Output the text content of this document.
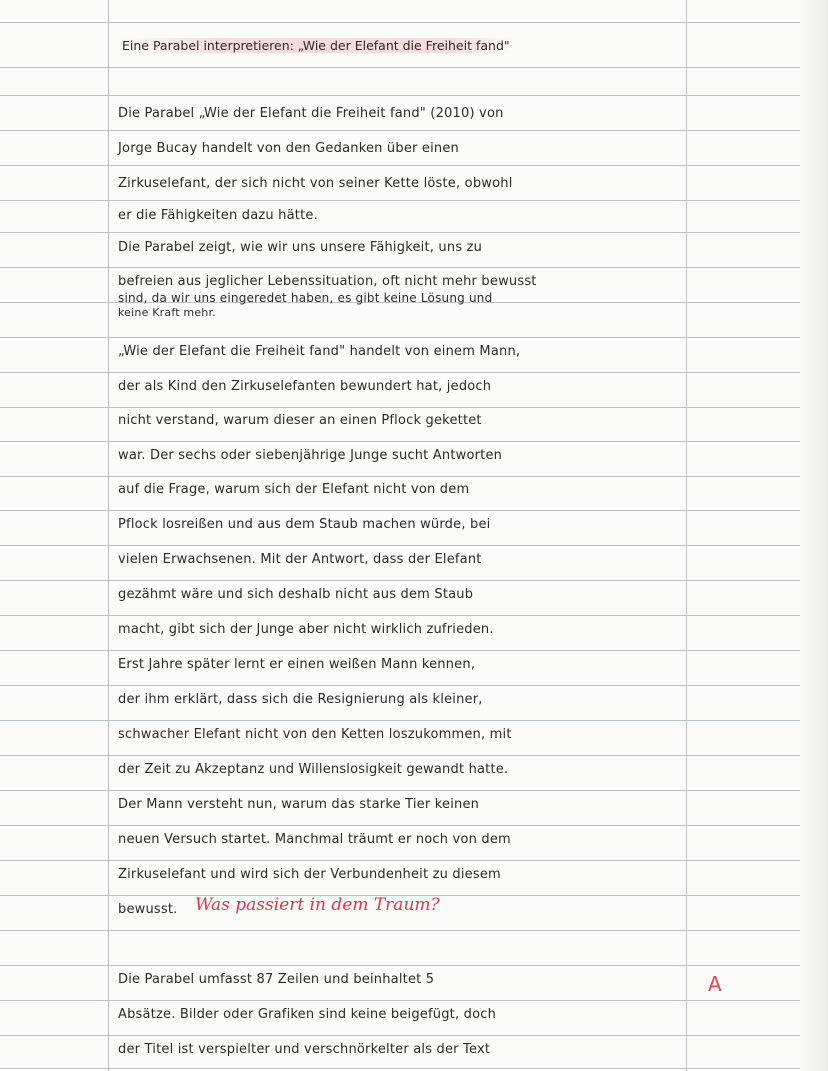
Eine Parabel interpretieren: „Wie der Elefant die Freiheit fand"
Die Parabel „Wie der Elefant die Freiheit fand" (2010) von
Jorge Bucay handelt von den Gedanken über einen
Zirkuselefant, der sich nicht von seiner Kette löste, obwohl
er die Fähigkeiten dazu hätte.
Die Parabel zeigt, wie wir uns unsere Fähigkeit, uns zu
befreien aus jeglicher Lebenssituation, oft nicht mehr bewusst
sind, da wir uns eingeredet haben, es gibt keine Lösung und
keine Kraft mehr.
„Wie der Elefant die Freiheit fand" handelt von einem Mann,
der als Kind den Zirkuselefanten bewundert hat, jedoch
nicht verstand, warum dieser an einen Pflock gekettet
war. Der sechs oder siebenjährige Junge sucht Antworten
auf die Frage, warum sich der Elefant nicht von dem
Pflock losreißen und aus dem Staub machen würde, bei
vielen Erwachsenen. Mit der Antwort, dass der Elefant
gezähmt wäre und sich deshalb nicht aus dem Staub
macht, gibt sich der Junge aber nicht wirklich zufrieden.
Erst Jahre später lernt er einen weißen Mann kennen,
der ihm erklärt, dass sich die Resignierung als kleiner,
schwacher Elefant nicht von den Ketten loszukommen, mit
der Zeit zu Akzeptanz und Willenslosigkeit gewandt hatte.
Der Mann versteht nun, warum das starke Tier keinen
neuen Versuch startet. Manchmal träumt er noch von dem
Zirkuselefant und wird sich der Verbundenheit zu diesem
bewusst. Was passiert in dem Traum?
Die Parabel umfasst 87 Zeilen und beinhaltet 5
Absätze. Bilder oder Grafiken sind keine beigefügt, doch
der Titel ist verspielter und verschnörkelter als der Text
A
